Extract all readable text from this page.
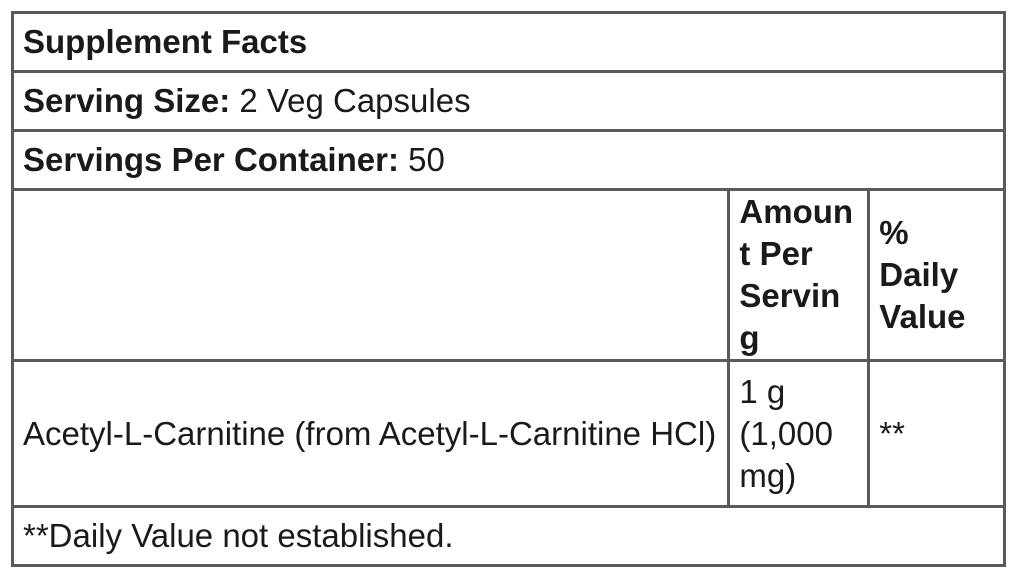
Supplement Facts		
Serving Size: 2 Veg Capsules		
Servings Per Container: 50		
	Amount Per Serving	% Daily Value
Acetyl-L-Carnitine (from Acetyl-L-Carnitine HCl)	1 g (1,000 mg)	**
**Daily Value not established.		
